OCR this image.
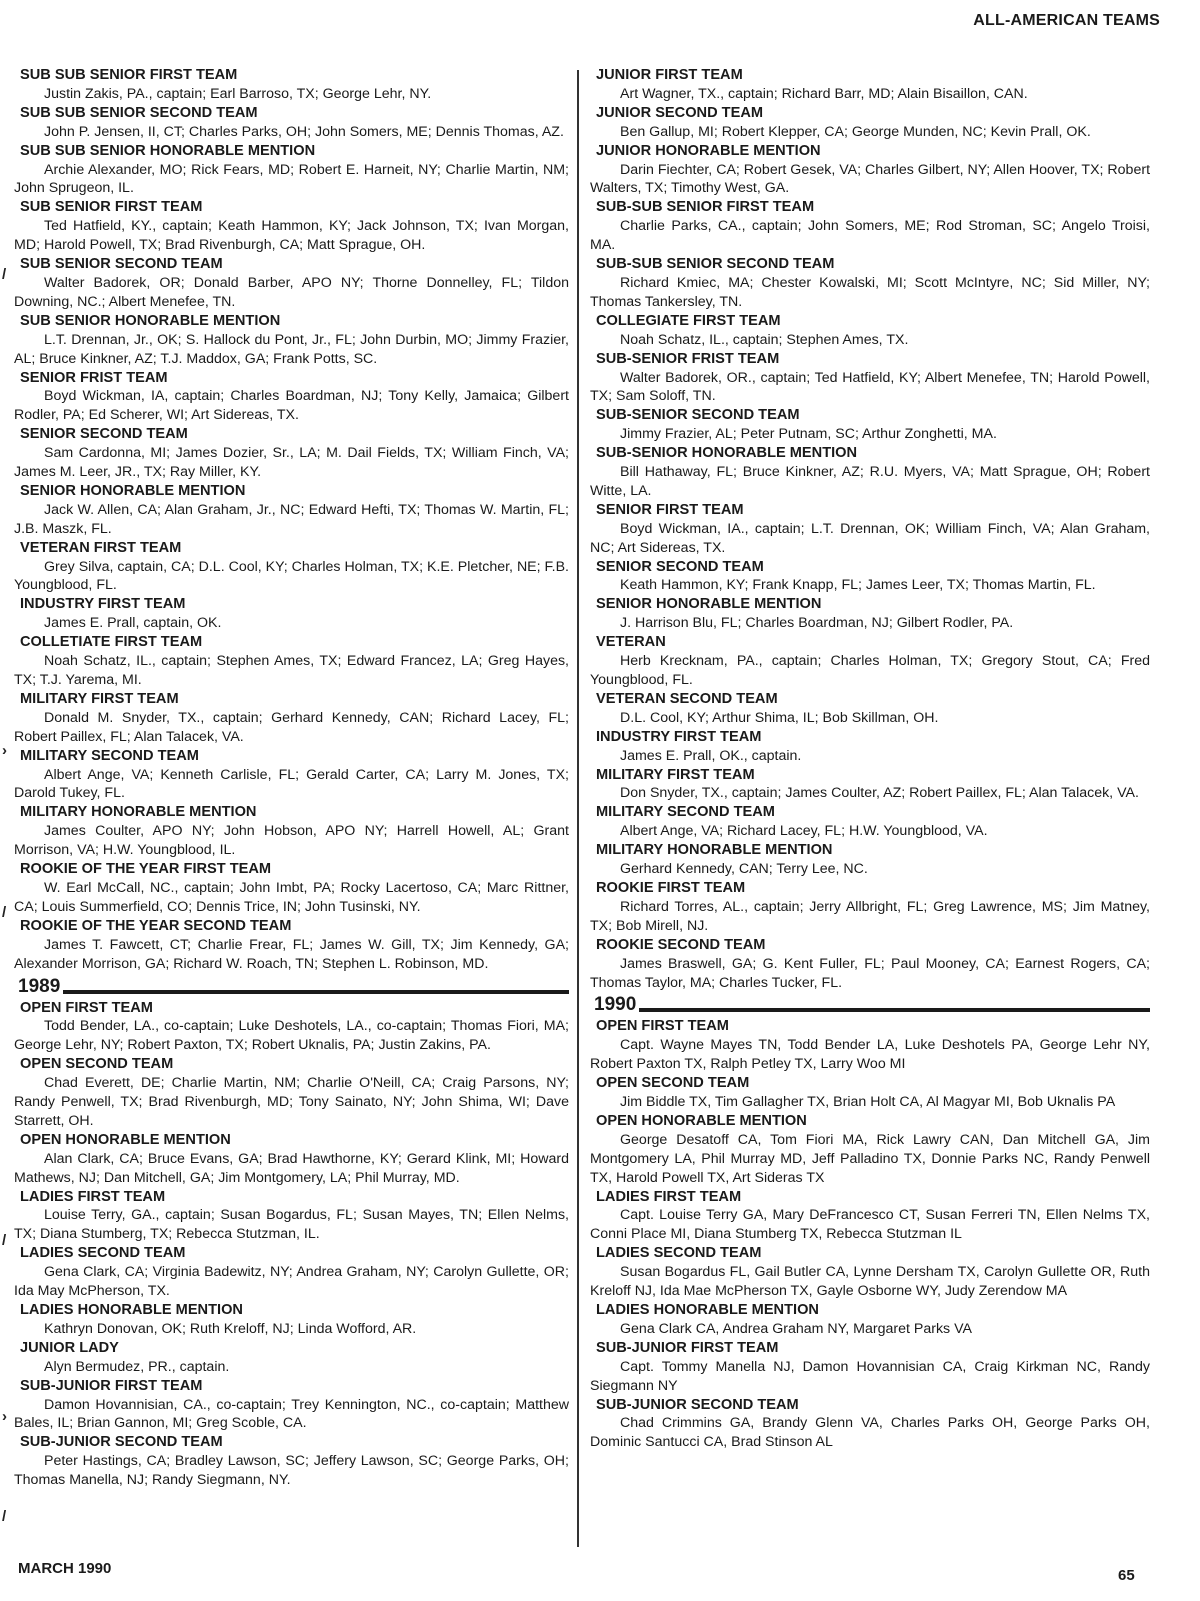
ALL-AMERICAN TEAMS
SUB SUB SENIOR FIRST TEAM
Justin Zakis, PA., captain; Earl Barroso, TX; George Lehr, NY.
SUB SUB SENIOR SECOND TEAM
John P. Jensen, II, CT; Charles Parks, OH; John Somers, ME; Dennis Thomas, AZ.
SUB SUB SENIOR HONORABLE MENTION
Archie Alexander, MO; Rick Fears, MD; Robert E. Harneit, NY; Charlie Martin, NM; John Sprugeon, IL.
SUB SENIOR FIRST TEAM
Ted Hatfield, KY., captain; Keath Hammon, KY; Jack Johnson, TX; Ivan Morgan, MD; Harold Powell, TX; Brad Rivenburgh, CA; Matt Sprague, OH.
SUB SENIOR SECOND TEAM
Walter Badorek, OR; Donald Barber, APO NY; Thorne Donnelley, FL; Tildon Downing, NC.; Albert Menefee, TN.
SUB SENIOR HONORABLE MENTION
L.T. Drennan, Jr., OK; S. Hallock du Pont, Jr., FL; John Durbin, MO; Jimmy Frazier, AL; Bruce Kinkner, AZ; T.J. Maddox, GA; Frank Potts, SC.
SENIOR FRIST TEAM
Boyd Wickman, IA, captain; Charles Boardman, NJ; Tony Kelly, Jamaica; Gilbert Rodler, PA; Ed Scherer, WI; Art Sidereas, TX.
SENIOR SECOND TEAM
Sam Cardonna, MI; James Dozier, Sr., LA; M. Dail Fields, TX; William Finch, VA; James M. Leer, JR., TX; Ray Miller, KY.
SENIOR HONORABLE MENTION
Jack W. Allen, CA; Alan Graham, Jr., NC; Edward Hefti, TX; Thomas W. Martin, FL; J.B. Maszk, FL.
VETERAN FIRST TEAM
Grey Silva, captain, CA; D.L. Cool, KY; Charles Holman, TX; K.E. Pletcher, NE; F.B. Youngblood, FL.
INDUSTRY FIRST TEAM
James E. Prall, captain, OK.
COLLETIATE FIRST TEAM
Noah Schatz, IL., captain; Stephen Ames, TX; Edward Francez, LA; Greg Hayes, TX; T.J. Yarema, MI.
MILITARY FIRST TEAM
Donald M. Snyder, TX., captain; Gerhard Kennedy, CAN; Richard Lacey, FL; Robert Paillex, FL; Alan Talacek, VA.
MILITARY SECOND TEAM
Albert Ange, VA; Kenneth Carlisle, FL; Gerald Carter, CA; Larry M. Jones, TX; Darold Tukey, FL.
MILITARY HONORABLE MENTION
James Coulter, APO NY; John Hobson, APO NY; Harrell Howell, AL; Grant Morrison, VA; H.W. Youngblood, IL.
ROOKIE OF THE YEAR FIRST TEAM
W. Earl McCall, NC., captain; John Imbt, PA; Rocky Lacertoso, CA; Marc Rittner, CA; Louis Summerfield, CO; Dennis Trice, IN; John Tusinski, NY.
ROOKIE OF THE YEAR SECOND TEAM
James T. Fawcett, CT; Charlie Frear, FL; James W. Gill, TX; Jim Kennedy, GA; Alexander Morrison, GA; Richard W. Roach, TN; Stephen L. Robinson, MD.
1989
OPEN FIRST TEAM
Todd Bender, LA., co-captain; Luke Deshotels, LA., co-captain; Thomas Fiori, MA; George Lehr, NY; Robert Paxton, TX; Robert Uknalis, PA; Justin Zakins, PA.
OPEN SECOND TEAM
Chad Everett, DE; Charlie Martin, NM; Charlie O'Neill, CA; Craig Parsons, NY; Randy Penwell, TX; Brad Rivenburgh, MD; Tony Sainato, NY; John Shima, WI; Dave Starrett, OH.
OPEN HONORABLE MENTION
Alan Clark, CA; Bruce Evans, GA; Brad Hawthorne, KY; Gerard Klink, MI; Howard Mathews, NJ; Dan Mitchell, GA; Jim Montgomery, LA; Phil Murray, MD.
LADIES FIRST TEAM
Louise Terry, GA., captain; Susan Bogardus, FL; Susan Mayes, TN; Ellen Nelms, TX; Diana Stumberg, TX; Rebecca Stutzman, IL.
LADIES SECOND TEAM
Gena Clark, CA; Virginia Badewitz, NY; Andrea Graham, NY; Carolyn Gullette, OR; Ida May McPherson, TX.
LADIES HONORABLE MENTION
Kathryn Donovan, OK; Ruth Kreloff, NJ; Linda Wofford, AR.
JUNIOR LADY
Alyn Bermudez, PR., captain.
SUB-JUNIOR FIRST TEAM
Damon Hovannisian, CA., co-captain; Trey Kennington, NC., co-captain; Matthew Bales, IL; Brian Gannon, MI; Greg Scoble, CA.
SUB-JUNIOR SECOND TEAM
Peter Hastings, CA; Bradley Lawson, SC; Jeffery Lawson, SC; George Parks, OH; Thomas Manella, NJ; Randy Siegmann, NY.
JUNIOR FIRST TEAM
Art Wagner, TX., captain; Richard Barr, MD; Alain Bisaillon, CAN.
JUNIOR SECOND TEAM
Ben Gallup, MI; Robert Klepper, CA; George Munden, NC; Kevin Prall, OK.
JUNIOR HONORABLE MENTION
Darin Fiechter, CA; Robert Gesek, VA; Charles Gilbert, NY; Allen Hoover, TX; Robert Walters, TX; Timothy West, GA.
SUB-SUB SENIOR FIRST TEAM
Charlie Parks, CA., captain; John Somers, ME; Rod Stroman, SC; Angelo Troisi, MA.
SUB-SUB SENIOR SECOND TEAM
Richard Kmiec, MA; Chester Kowalski, MI; Scott McIntyre, NC; Sid Miller, NY; Thomas Tankersley, TN.
COLLEGIATE FIRST TEAM
Noah Schatz, IL., captain; Stephen Ames, TX.
SUB-SENIOR FRIST TEAM
Walter Badorek, OR., captain; Ted Hatfield, KY; Albert Menefee, TN; Harold Powell, TX; Sam Soloff, TN.
SUB-SENIOR SECOND TEAM
Jimmy Frazier, AL; Peter Putnam, SC; Arthur Zonghetti, MA.
SUB-SENIOR HONORABLE MENTION
Bill Hathaway, FL; Bruce Kinkner, AZ; R.U. Myers, VA; Matt Sprague, OH; Robert Witte, LA.
SENIOR FIRST TEAM
Boyd Wickman, IA., captain; L.T. Drennan, OK; William Finch, VA; Alan Graham, NC; Art Sidereas, TX.
SENIOR SECOND TEAM
Keath Hammon, KY; Frank Knapp, FL; James Leer, TX; Thomas Martin, FL.
SENIOR HONORABLE MENTION
J. Harrison Blu, FL; Charles Boardman, NJ; Gilbert Rodler, PA.
VETERAN
Herb Krecknam, PA., captain; Charles Holman, TX; Gregory Stout, CA; Fred Youngblood, FL.
VETERAN SECOND TEAM
D.L. Cool, KY; Arthur Shima, IL; Bob Skillman, OH.
INDUSTRY FIRST TEAM
James E. Prall, OK., captain.
MILITARY FIRST TEAM
Don Snyder, TX., captain; James Coulter, AZ; Robert Paillex, FL; Alan Talacek, VA.
MILITARY SECOND TEAM
Albert Ange, VA; Richard Lacey, FL; H.W. Youngblood, VA.
MILITARY HONORABLE MENTION
Gerhard Kennedy, CAN; Terry Lee, NC.
ROOKIE FIRST TEAM
Richard Torres, AL., captain; Jerry Allbright, FL; Greg Lawrence, MS; Jim Matney, TX; Bob Mirell, NJ.
ROOKIE SECOND TEAM
James Braswell, GA; G. Kent Fuller, FL; Paul Mooney, CA; Earnest Rogers, CA; Thomas Taylor, MA; Charles Tucker, FL.
1990
OPEN FIRST TEAM
Capt. Wayne Mayes TN, Todd Bender LA, Luke Deshotels PA, George Lehr NY, Robert Paxton TX, Ralph Petley TX, Larry Woo MI
OPEN SECOND TEAM
Jim Biddle TX, Tim Gallagher TX, Brian Holt CA, Al Magyar MI, Bob Uknalis PA
OPEN HONORABLE MENTION
George Desatoff CA, Tom Fiori MA, Rick Lawry CAN, Dan Mitchell GA, Jim Montgomery LA, Phil Murray MD, Jeff Palladino TX, Donnie Parks NC, Randy Penwell TX, Harold Powell TX, Art Sideras TX
LADIES FIRST TEAM
Capt. Louise Terry GA, Mary DeFrancesco CT, Susan Ferreri TN, Ellen Nelms TX, Conni Place MI, Diana Stumberg TX, Rebecca Stutzman IL
LADIES SECOND TEAM
Susan Bogardus FL, Gail Butler CA, Lynne Dersham TX, Carolyn Gullette OR, Ruth Kreloff NJ, Ida Mae McPherson TX, Gayle Osborne WY, Judy Zerendow MA
LADIES HONORABLE MENTION
Gena Clark CA, Andrea Graham NY, Margaret Parks VA
SUB-JUNIOR FIRST TEAM
Capt. Tommy Manella NJ, Damon Hovannisian CA, Craig Kirkman NC, Randy Siegmann NY
SUB-JUNIOR SECOND TEAM
Chad Crimmins GA, Brandy Glenn VA, Charles Parks OH, George Parks OH, Dominic Santucci CA, Brad Stinson AL
MARCH 1990	65
/
›
/
/
›
/
